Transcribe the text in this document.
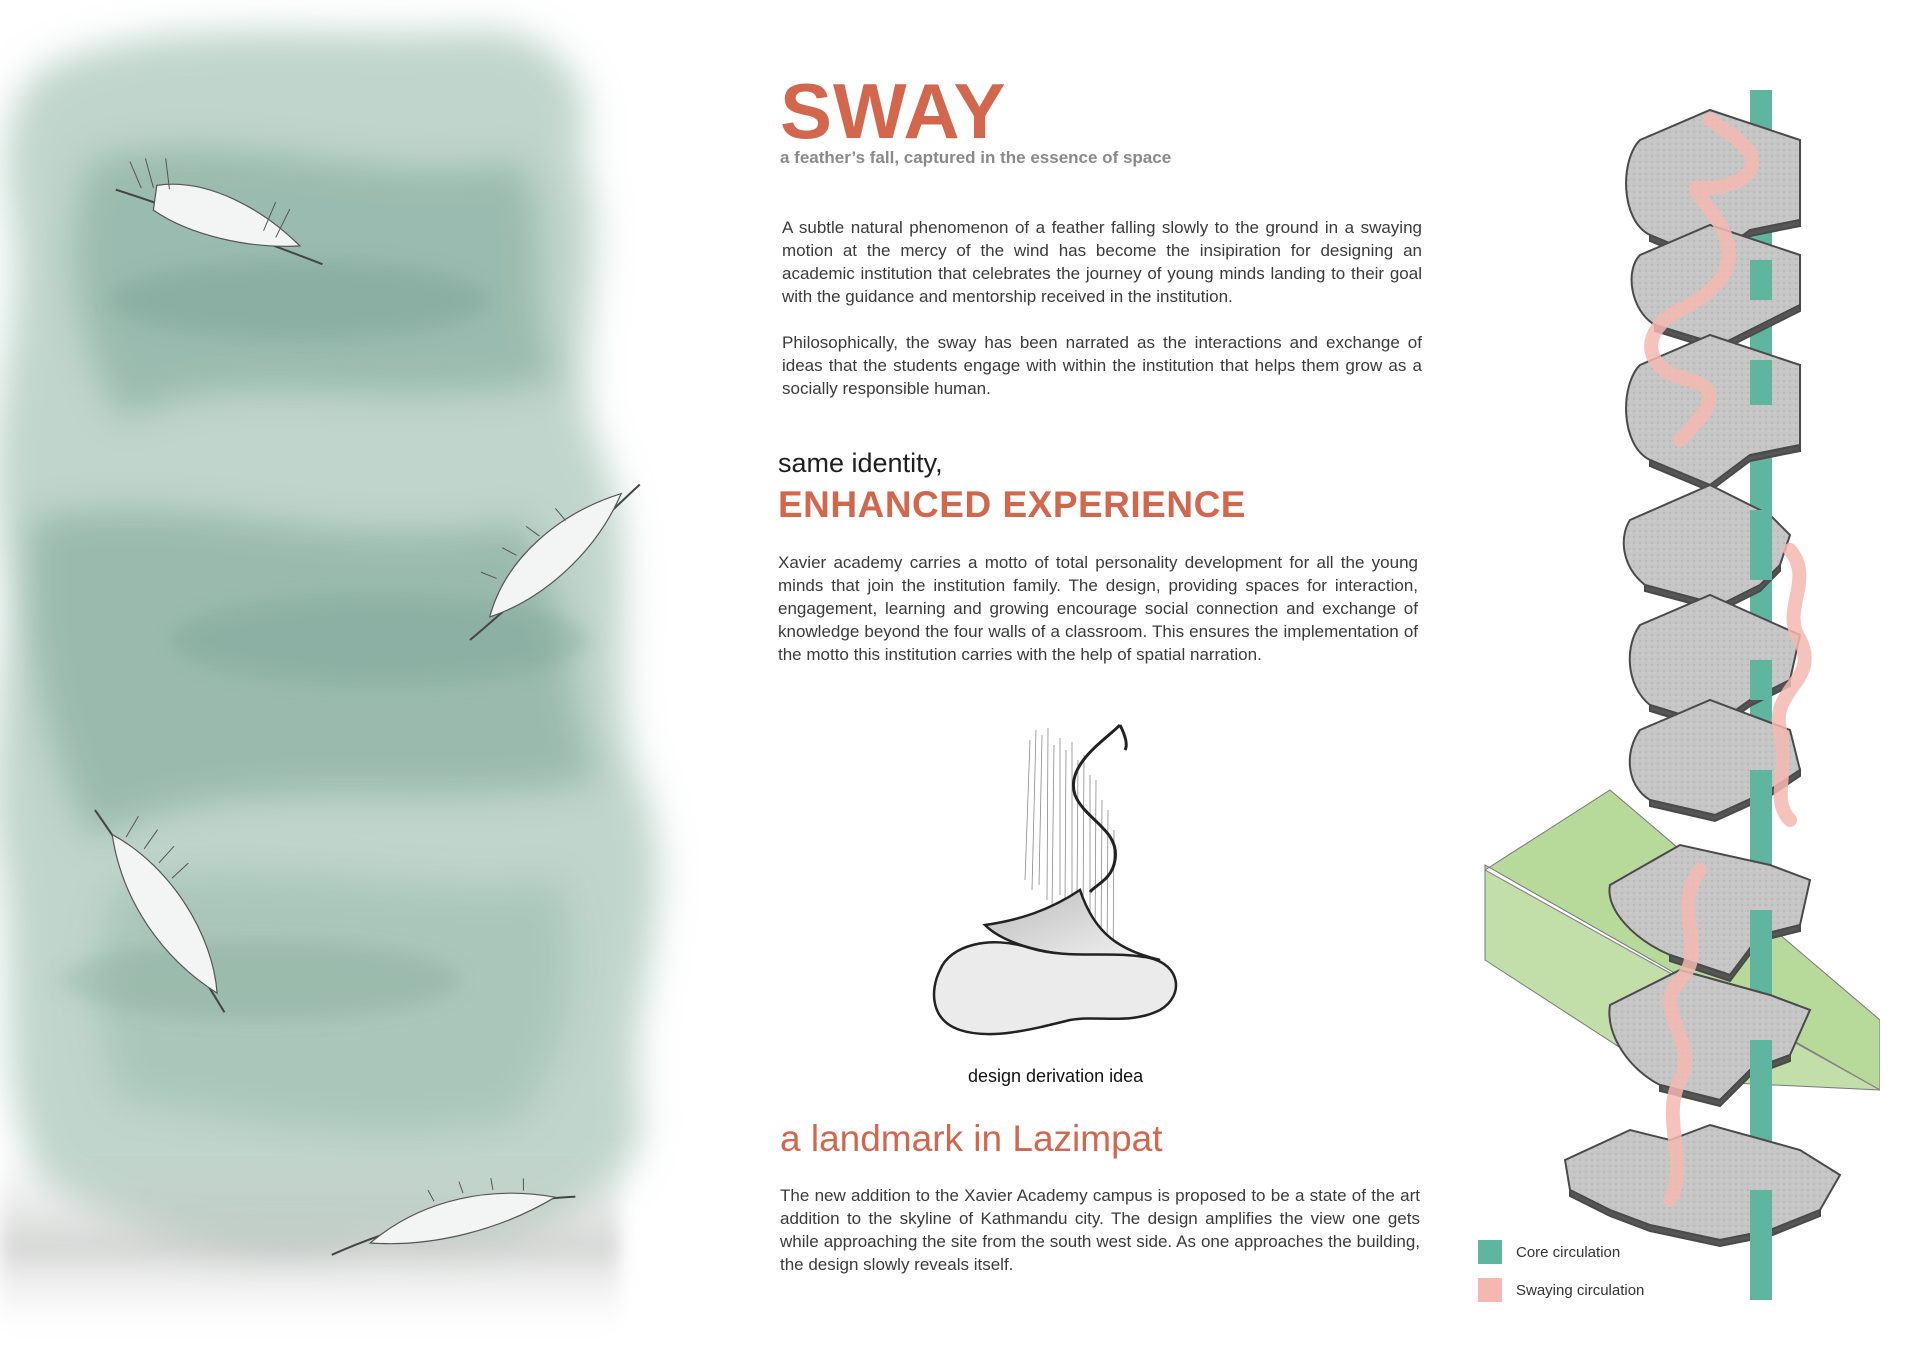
SWAY
a feather’s fall, captured in the essence of space

A subtle natural phenomenon of a feather falling slowly to the ground in a swaying motion at the mercy of the wind has become the insipiration for designing an academic institution that celebrates the journey of young minds landing to their goal with the guidance and mentorship received in the institution.

Philosophically, the sway has been narrated as the interactions and exchange of ideas that the students engage with within the institution that helps them grow as a socially responsible human.

same identity,
ENHANCED EXPERIENCE

Xavier academy carries a motto of total personality development for all the young minds that join the institution family. The design, providing spaces for interaction, engagement, learning and growing encourage social connection and exchange of knowledge beyond the four walls of a classroom. This ensures the implementation of the motto this institution carries with the help of spatial narration.

design derivation idea
a landmark in Lazimpat

The new addition to the Xavier Academy campus is proposed to be a state of the art addition to the skyline of Kathmandu city. The design amplifies the view one gets while approaching the site from the south west side. As one approaches the building, the design slowly reveals itself.

Core circulation
Swaying circulation
